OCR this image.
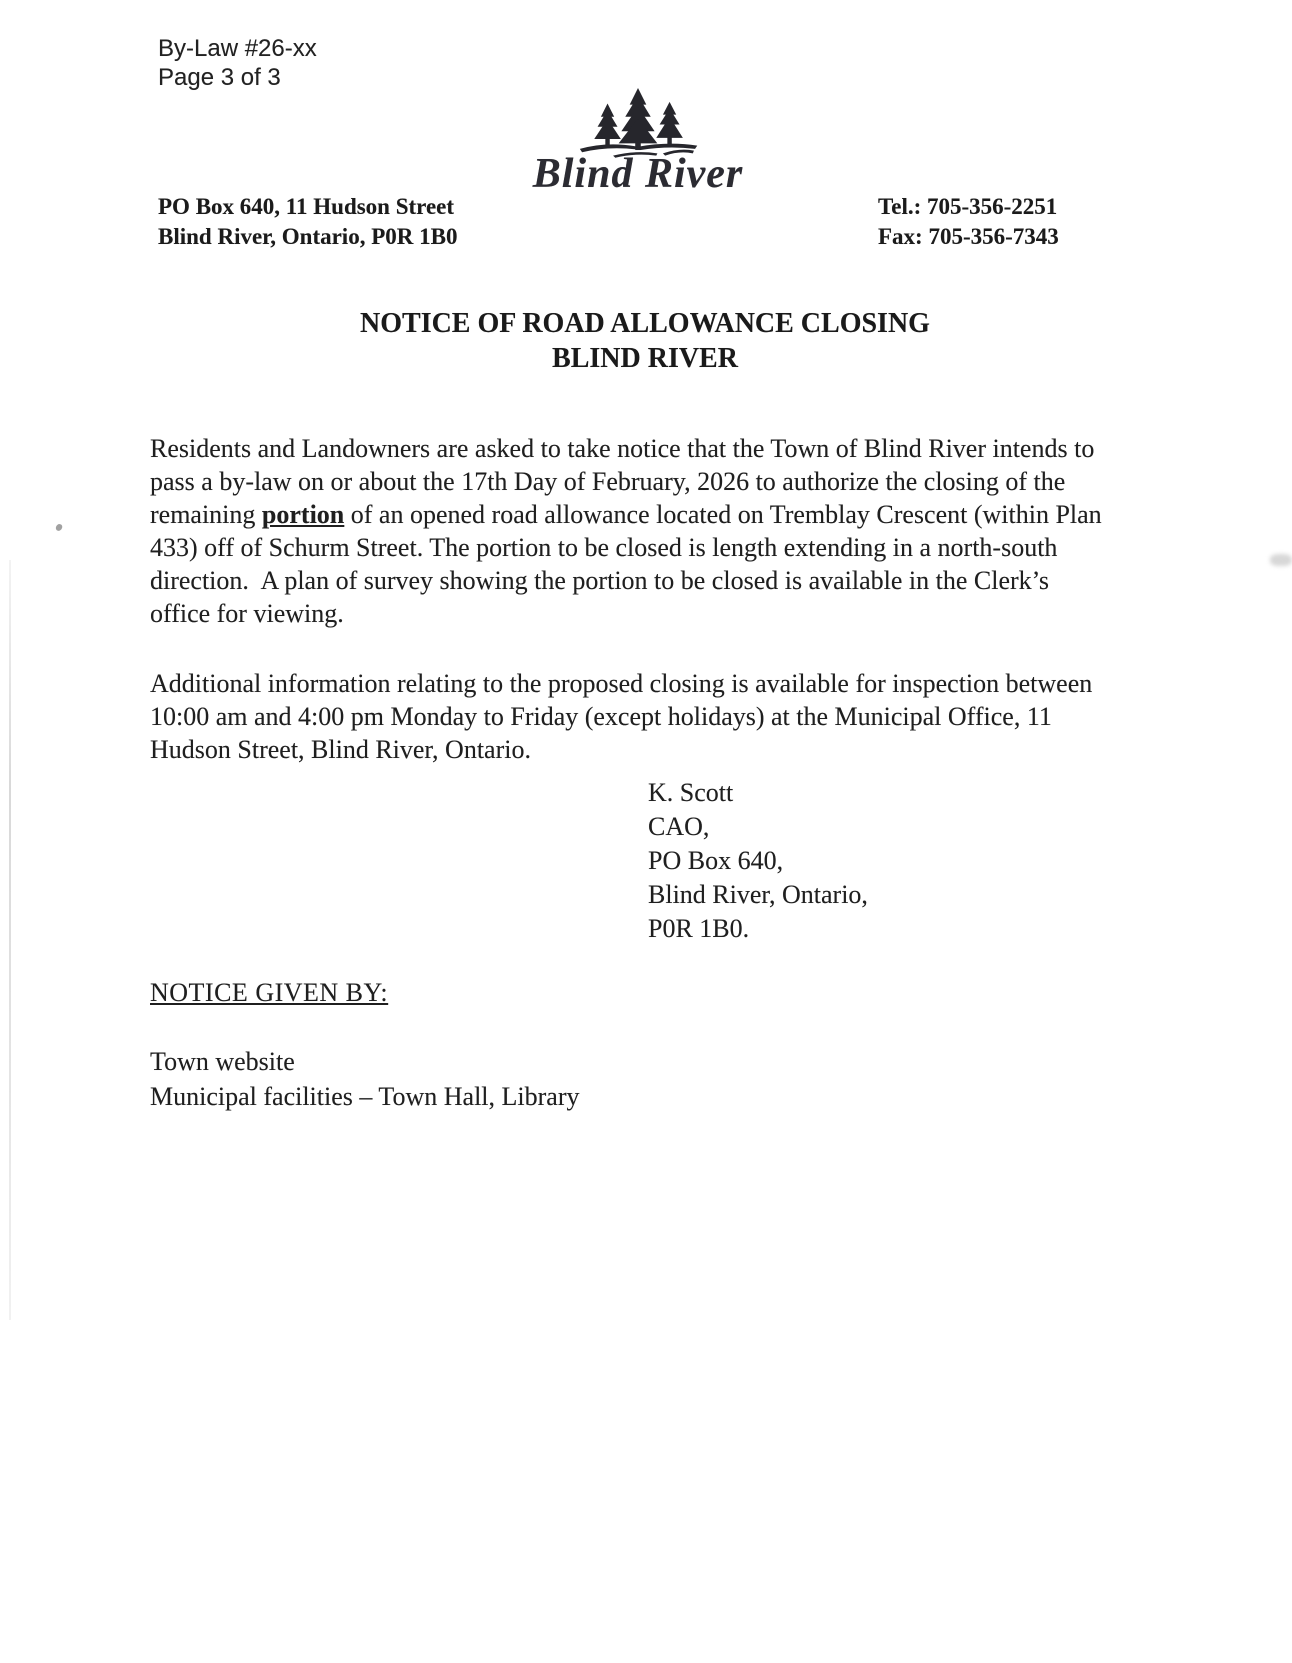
By-Law #26-xx
Page 3 of 3
Blind River
PO Box 640, 11 Hudson Street
Blind River, Ontario, P0R 1B0
Tel.: 705-356-2251
Fax: 705-356-7343
NOTICE OF ROAD ALLOWANCE CLOSING
BLIND RIVER

Residents and Landowners are asked to take notice that the Town of Blind River intends to pass a by-law on or about the 17th Day of February, 2026 to authorize the closing of the remaining portion of an opened road allowance located on Tremblay Crescent (within Plan 433) off of Schurm Street. The portion to be closed is length extending in a north-south direction.  A plan of survey showing the portion to be closed is available in the Clerk’s office for viewing.

Additional information relating to the proposed closing is available for inspection between 10:00 am and 4:00 pm Monday to Friday (except holidays) at the Municipal Office, 11 Hudson Street, Blind River, Ontario.

K. Scott
CAO,
PO Box 640,
Blind River, Ontario,
P0R 1B0.
NOTICE GIVEN BY:
Town website
Municipal facilities – Town Hall, Library
